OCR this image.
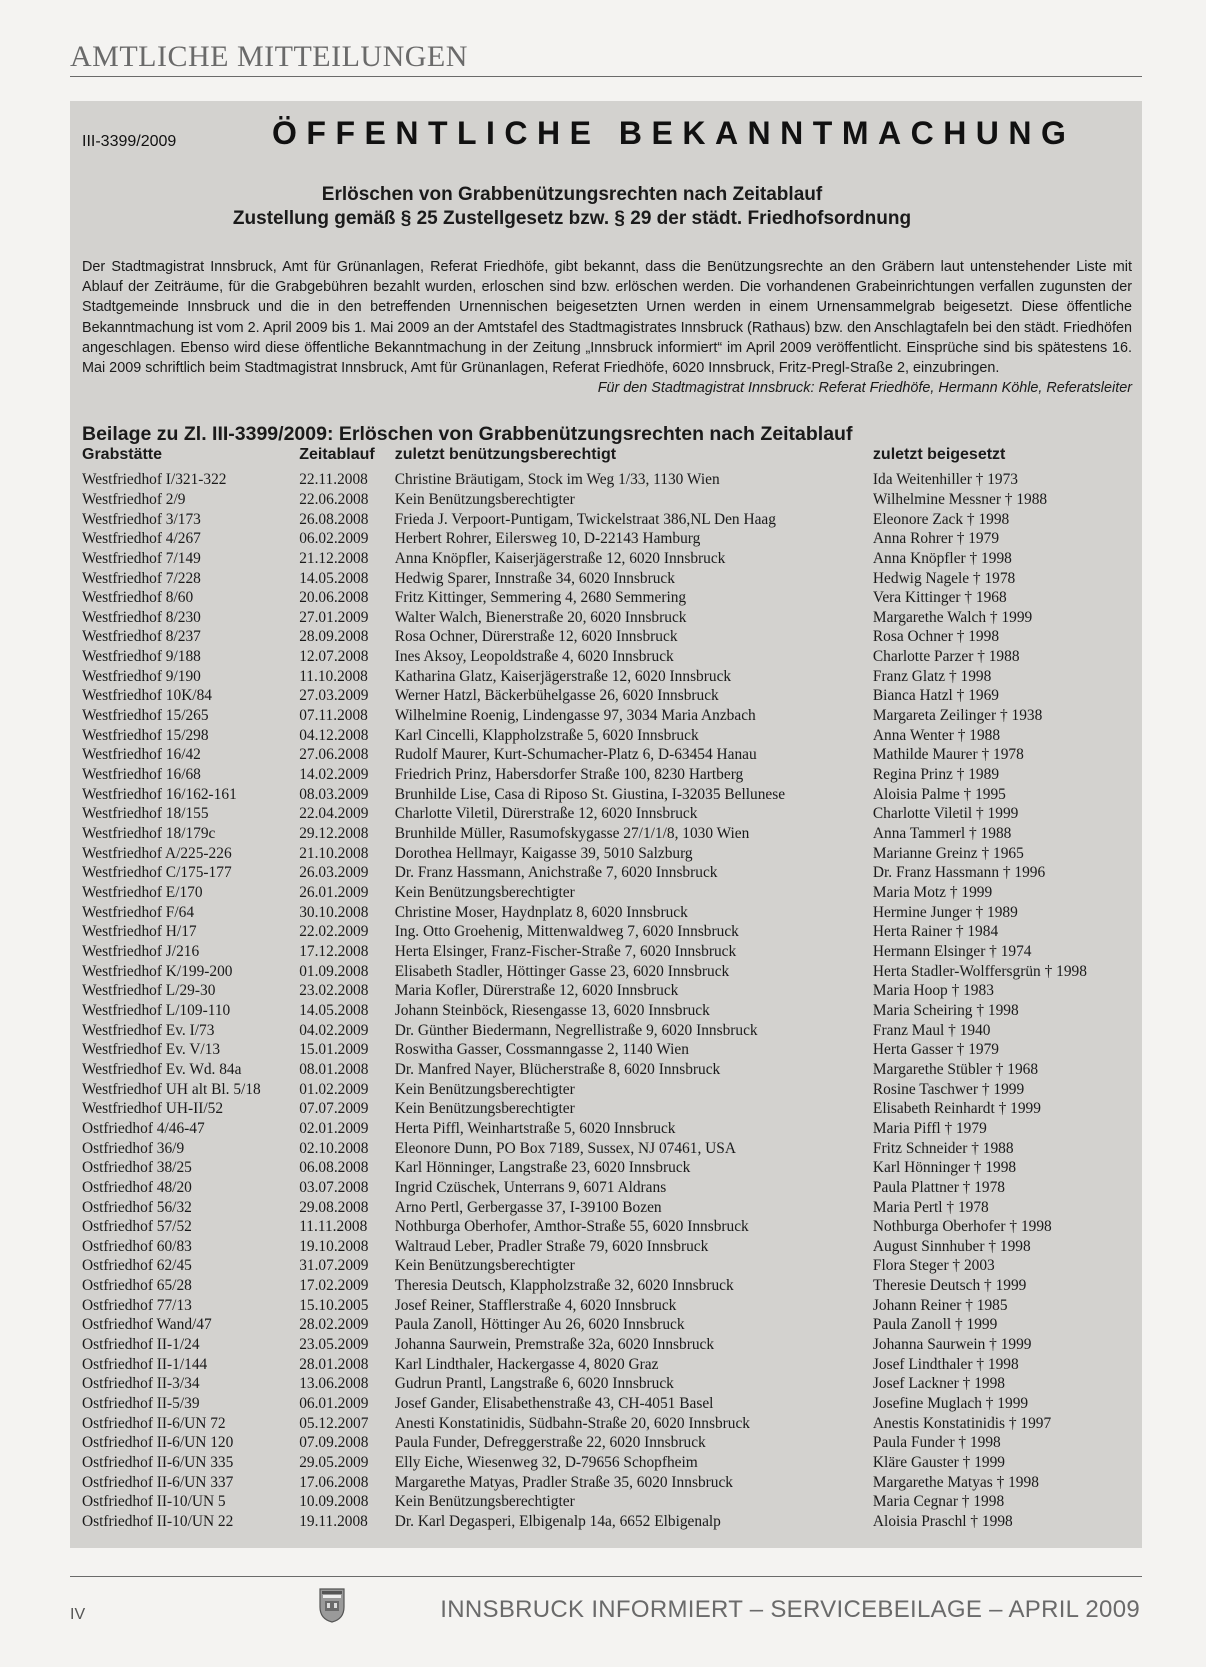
AMTLICHE MITTEILUNGEN
III-3399/2009	ÖFFENTLICHE BEKANNTMACHUNG
Erlöschen von Grabbenützungsrechten nach Zeitablauf
Zustellung gemäß § 25 Zustellgesetz bzw. § 29 der städt. Friedhofsordnung
Der Stadtmagistrat Innsbruck, Amt für Grünanlagen, Referat Friedhöfe, gibt bekannt, dass die Benützungsrechte an den Gräbern laut untenstehender Liste mit Ablauf der Zeiträume, für die Grabgebühren bezahlt wurden, erloschen sind bzw. erlöschen werden. Die vorhandenen Grabeinrichtungen verfallen zugunsten der Stadtgemeinde Innsbruck und die in den betreffenden Urnennischen beigesetzten Urnen werden in einem Urnensammelgrab beigesetzt. Diese öffentliche Bekanntmachung ist vom 2. April 2009 bis 1. Mai 2009 an der Amtstafel des Stadtmagistrates Innsbruck (Rathaus) bzw. den Anschlagtafeln bei den städt. Friedhöfen angeschlagen. Ebenso wird diese öffentliche Bekanntmachung in der Zeitung „Innsbruck informiert“ im April 2009 veröffentlicht. Einsprüche sind bis spätestens 16. Mai 2009 schriftlich beim Stadtmagistrat Innsbruck, Amt für Grünanlagen, Referat Friedhöfe, 6020 Innsbruck, Fritz-Pregl-Straße 2, einzubringen.
Für den Stadtmagistrat Innsbruck: Referat Friedhöfe, Hermann Köhle, Referatsleiter
Beilage zu Zl. III-3399/2009: Erlöschen von Grabbenützungsrechten nach Zeitablauf
Grabstätte	Zeitablauf	zuletzt benützungsberechtigt	zuletzt beigesetzt
Westfriedhof I/321-322	22.11.2008	Christine Bräutigam, Stock im Weg 1/33, 1130 Wien	Ida Weitenhiller † 1973
Westfriedhof 2/9	22.06.2008	Kein Benützungsberechtigter	Wilhelmine Messner † 1988
Westfriedhof 3/173	26.08.2008	Frieda J. Verpoort-Puntigam, Twickelstraat 386,NL Den Haag	Eleonore Zack † 1998
Westfriedhof 4/267	06.02.2009	Herbert Rohrer, Eilersweg 10, D-22143 Hamburg	Anna Rohrer † 1979
Westfriedhof 7/149	21.12.2008	Anna Knöpfler, Kaiserjägerstraße 12, 6020 Innsbruck	Anna Knöpfler † 1998
Westfriedhof 7/228	14.05.2008	Hedwig Sparer, Innstraße 34, 6020 Innsbruck	Hedwig Nagele † 1978
Westfriedhof 8/60	20.06.2008	Fritz Kittinger, Semmering 4, 2680 Semmering	Vera Kittinger † 1968
Westfriedhof 8/230	27.01.2009	Walter Walch, Bienerstraße 20, 6020 Innsbruck	Margarethe Walch † 1999
Westfriedhof 8/237	28.09.2008	Rosa Ochner, Dürerstraße 12, 6020 Innsbruck	Rosa Ochner † 1998
Westfriedhof 9/188	12.07.2008	Ines Aksoy, Leopoldstraße 4, 6020 Innsbruck	Charlotte Parzer † 1988
Westfriedhof 9/190	11.10.2008	Katharina Glatz, Kaiserjägerstraße 12, 6020 Innsbruck	Franz Glatz † 1998
Westfriedhof 10K/84	27.03.2009	Werner Hatzl, Bäckerbühelgasse 26, 6020 Innsbruck	Bianca Hatzl † 1969
Westfriedhof 15/265	07.11.2008	Wilhelmine Roenig, Lindengasse 97, 3034 Maria Anzbach	Margareta Zeilinger † 1938
Westfriedhof 15/298	04.12.2008	Karl Cincelli, Klappholzstraße 5, 6020 Innsbruck	Anna Wenter † 1988
Westfriedhof 16/42	27.06.2008	Rudolf Maurer, Kurt-Schumacher-Platz 6, D-63454 Hanau	Mathilde Maurer † 1978
Westfriedhof 16/68	14.02.2009	Friedrich Prinz, Habersdorfer Straße 100, 8230 Hartberg	Regina Prinz † 1989
Westfriedhof 16/162-161	08.03.2009	Brunhilde Lise, Casa di Riposo St. Giustina, I-32035 Bellunese	Aloisia Palme † 1995
Westfriedhof 18/155	22.04.2009	Charlotte Viletil, Dürerstraße 12, 6020 Innsbruck	Charlotte Viletil † 1999
Westfriedhof 18/179c	29.12.2008	Brunhilde Müller, Rasumofskygasse 27/1/1/8, 1030 Wien	Anna Tammerl † 1988
Westfriedhof A/225-226	21.10.2008	Dorothea Hellmayr, Kaigasse 39, 5010 Salzburg	Marianne Greinz † 1965
Westfriedhof C/175-177	26.03.2009	Dr. Franz Hassmann, Anichstraße 7, 6020 Innsbruck	Dr. Franz Hassmann † 1996
Westfriedhof E/170	26.01.2009	Kein Benützungsberechtigter	Maria Motz † 1999
Westfriedhof F/64	30.10.2008	Christine Moser, Haydnplatz 8, 6020 Innsbruck	Hermine Junger † 1989
Westfriedhof H/17	22.02.2009	Ing. Otto Groehenig, Mittenwaldweg 7, 6020 Innsbruck	Herta Rainer † 1984
Westfriedhof J/216	17.12.2008	Herta Elsinger, Franz-Fischer-Straße 7, 6020 Innsbruck	Hermann Elsinger † 1974
Westfriedhof K/199-200	01.09.2008	Elisabeth Stadler, Höttinger Gasse 23, 6020 Innsbruck	Herta Stadler-Wolffersgrün † 1998
Westfriedhof L/29-30	23.02.2008	Maria Kofler, Dürerstraße 12, 6020 Innsbruck	Maria Hoop † 1983
Westfriedhof L/109-110	14.05.2008	Johann Steinböck, Riesengasse 13, 6020 Innsbruck	Maria Scheiring † 1998
Westfriedhof Ev. I/73	04.02.2009	Dr. Günther Biedermann, Negrellistraße 9, 6020 Innsbruck	Franz Maul † 1940
Westfriedhof Ev. V/13	15.01.2009	Roswitha Gasser, Cossmanngasse 2, 1140 Wien	Herta Gasser † 1979
Westfriedhof Ev. Wd. 84a	08.01.2008	Dr. Manfred Nayer, Blücherstraße 8, 6020 Innsbruck	Margarethe Stübler † 1968
Westfriedhof UH alt Bl. 5/18	01.02.2009	Kein Benützungsberechtigter	Rosine Taschwer † 1999
Westfriedhof UH-II/52	07.07.2009	Kein Benützungsberechtigter	Elisabeth Reinhardt † 1999
Ostfriedhof 4/46-47	02.01.2009	Herta Piffl, Weinhartstraße 5, 6020 Innsbruck	Maria Piffl † 1979
Ostfriedhof 36/9	02.10.2008	Eleonore Dunn, PO Box 7189, Sussex, NJ 07461, USA	Fritz Schneider † 1988
Ostfriedhof 38/25	06.08.2008	Karl Hönninger, Langstraße 23, 6020 Innsbruck	Karl Hönninger † 1998
Ostfriedhof 48/20	03.07.2008	Ingrid Czüschek, Unterrans 9, 6071 Aldrans	Paula Plattner † 1978
Ostfriedhof 56/32	29.08.2008	Arno Pertl, Gerbergasse 37, I-39100 Bozen	Maria Pertl † 1978
Ostfriedhof 57/52	11.11.2008	Nothburga Oberhofer, Amthor-Straße 55, 6020 Innsbruck	Nothburga Oberhofer † 1998
Ostfriedhof 60/83	19.10.2008	Waltraud Leber, Pradler Straße 79, 6020 Innsbruck	August Sinnhuber † 1998
Ostfriedhof 62/45	31.07.2009	Kein Benützungsberechtigter	Flora Steger † 2003
Ostfriedhof 65/28	17.02.2009	Theresia Deutsch, Klappholzstraße 32, 6020 Innsbruck	Theresie Deutsch † 1999
Ostfriedhof 77/13	15.10.2005	Josef Reiner, Stafflerstraße 4, 6020 Innsbruck	Johann Reiner † 1985
Ostfriedhof Wand/47	28.02.2009	Paula Zanoll, Höttinger Au 26, 6020 Innsbruck	Paula Zanoll † 1999
Ostfriedhof II-1/24	23.05.2009	Johanna Saurwein, Premstraße 32a, 6020 Innsbruck	Johanna Saurwein † 1999
Ostfriedhof II-1/144	28.01.2008	Karl Lindthaler, Hackergasse 4, 8020 Graz	Josef Lindthaler † 1998
Ostfriedhof II-3/34	13.06.2008	Gudrun Prantl, Langstraße 6, 6020 Innsbruck	Josef Lackner † 1998
Ostfriedhof II-5/39	06.01.2009	Josef Gander, Elisabethenstraße 43, CH-4051 Basel	Josefine Muglach † 1999
Ostfriedhof II-6/UN 72	05.12.2007	Anesti Konstatinidis, Südbahn-Straße 20, 6020 Innsbruck	Anestis Konstatinidis † 1997
Ostfriedhof II-6/UN 120	07.09.2008	Paula Funder, Defreggerstraße 22, 6020 Innsbruck	Paula Funder † 1998
Ostfriedhof II-6/UN 335	29.05.2009	Elly Eiche, Wiesenweg 32, D-79656 Schopfheim	Kläre Gauster † 1999
Ostfriedhof II-6/UN 337	17.06.2008	Margarethe Matyas, Pradler Straße 35, 6020 Innsbruck	Margarethe Matyas † 1998
Ostfriedhof II-10/UN 5	10.09.2008	Kein Benützungsberechtigter	Maria Cegnar † 1998
Ostfriedhof II-10/UN 22	19.11.2008	Dr. Karl Degasperi, Elbigenalp 14a, 6652 Elbigenalp	Aloisia Praschl † 1998
IV	INNSBRUCK INFORMIERT – SERVICEBEILAGE – APRIL 2009
